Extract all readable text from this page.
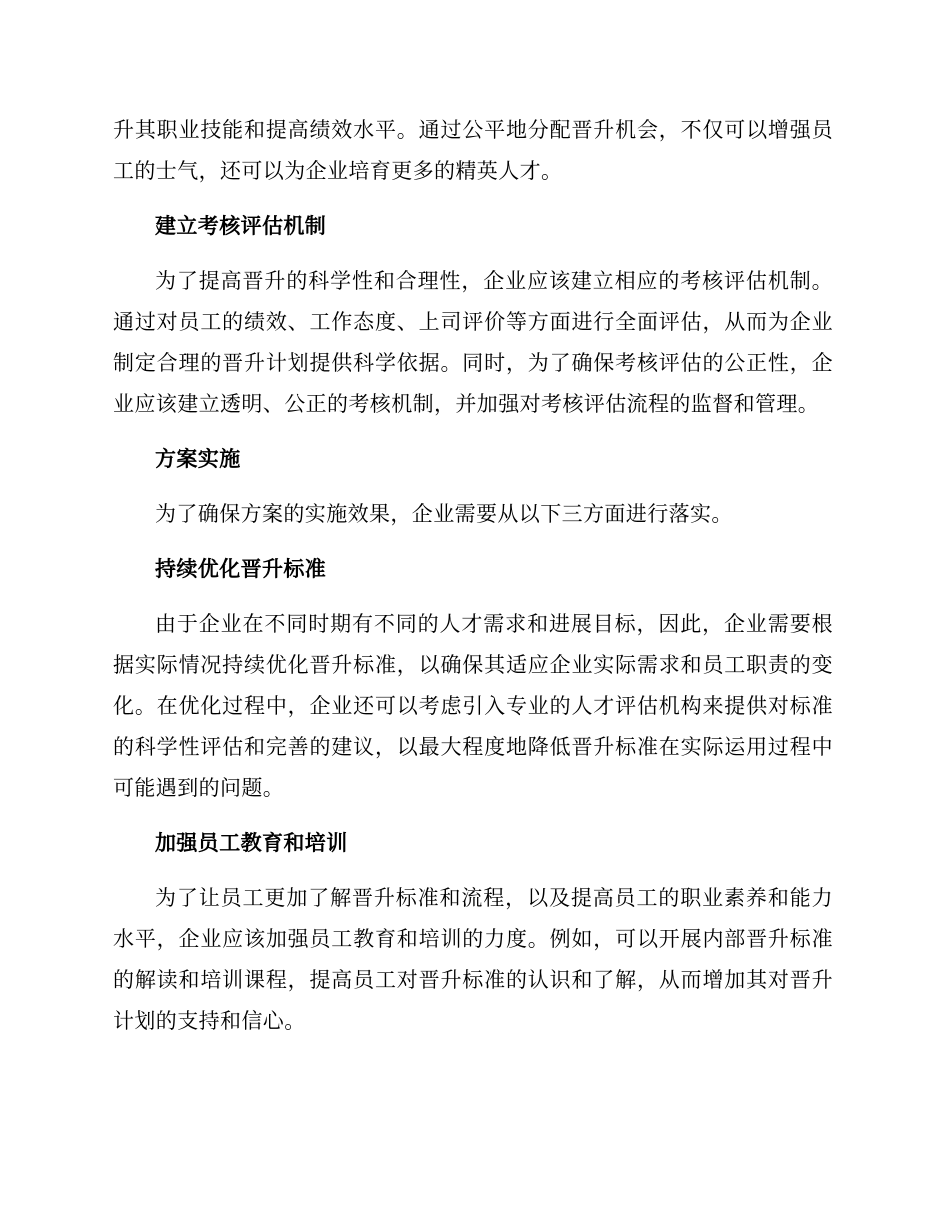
升其职业技能和提高绩效水平。通过公平地分配晋升机会，不仅可以增强员工的士气，还可以为企业培育更多的精英人才。

建立考核评估机制

为了提高晋升的科学性和合理性，企业应该建立相应的考核评估机制。通过对员工的绩效、工作态度、上司评价等方面进行全面评估，从而为企业制定合理的晋升计划提供科学依据。同时，为了确保考核评估的公正性，企业应该建立透明、公正的考核机制，并加强对考核评估流程的监督和管理。

方案实施

为了确保方案的实施效果，企业需要从以下三方面进行落实。

持续优化晋升标准

由于企业在不同时期有不同的人才需求和进展目标，因此，企业需要根据实际情况持续优化晋升标准，以确保其适应企业实际需求和员工职责的变化。在优化过程中，企业还可以考虑引入专业的人才评估机构来提供对标准的科学性评估和完善的建议，以最大程度地降低晋升标准在实际运用过程中可能遇到的问题。

加强员工教育和培训

为了让员工更加了解晋升标准和流程，以及提高员工的职业素养和能力水平，企业应该加强员工教育和培训的力度。例如，可以开展内部晋升标准的解读和培训课程，提高员工对晋升标准的认识和了解，从而增加其对晋升计划的支持和信心。
